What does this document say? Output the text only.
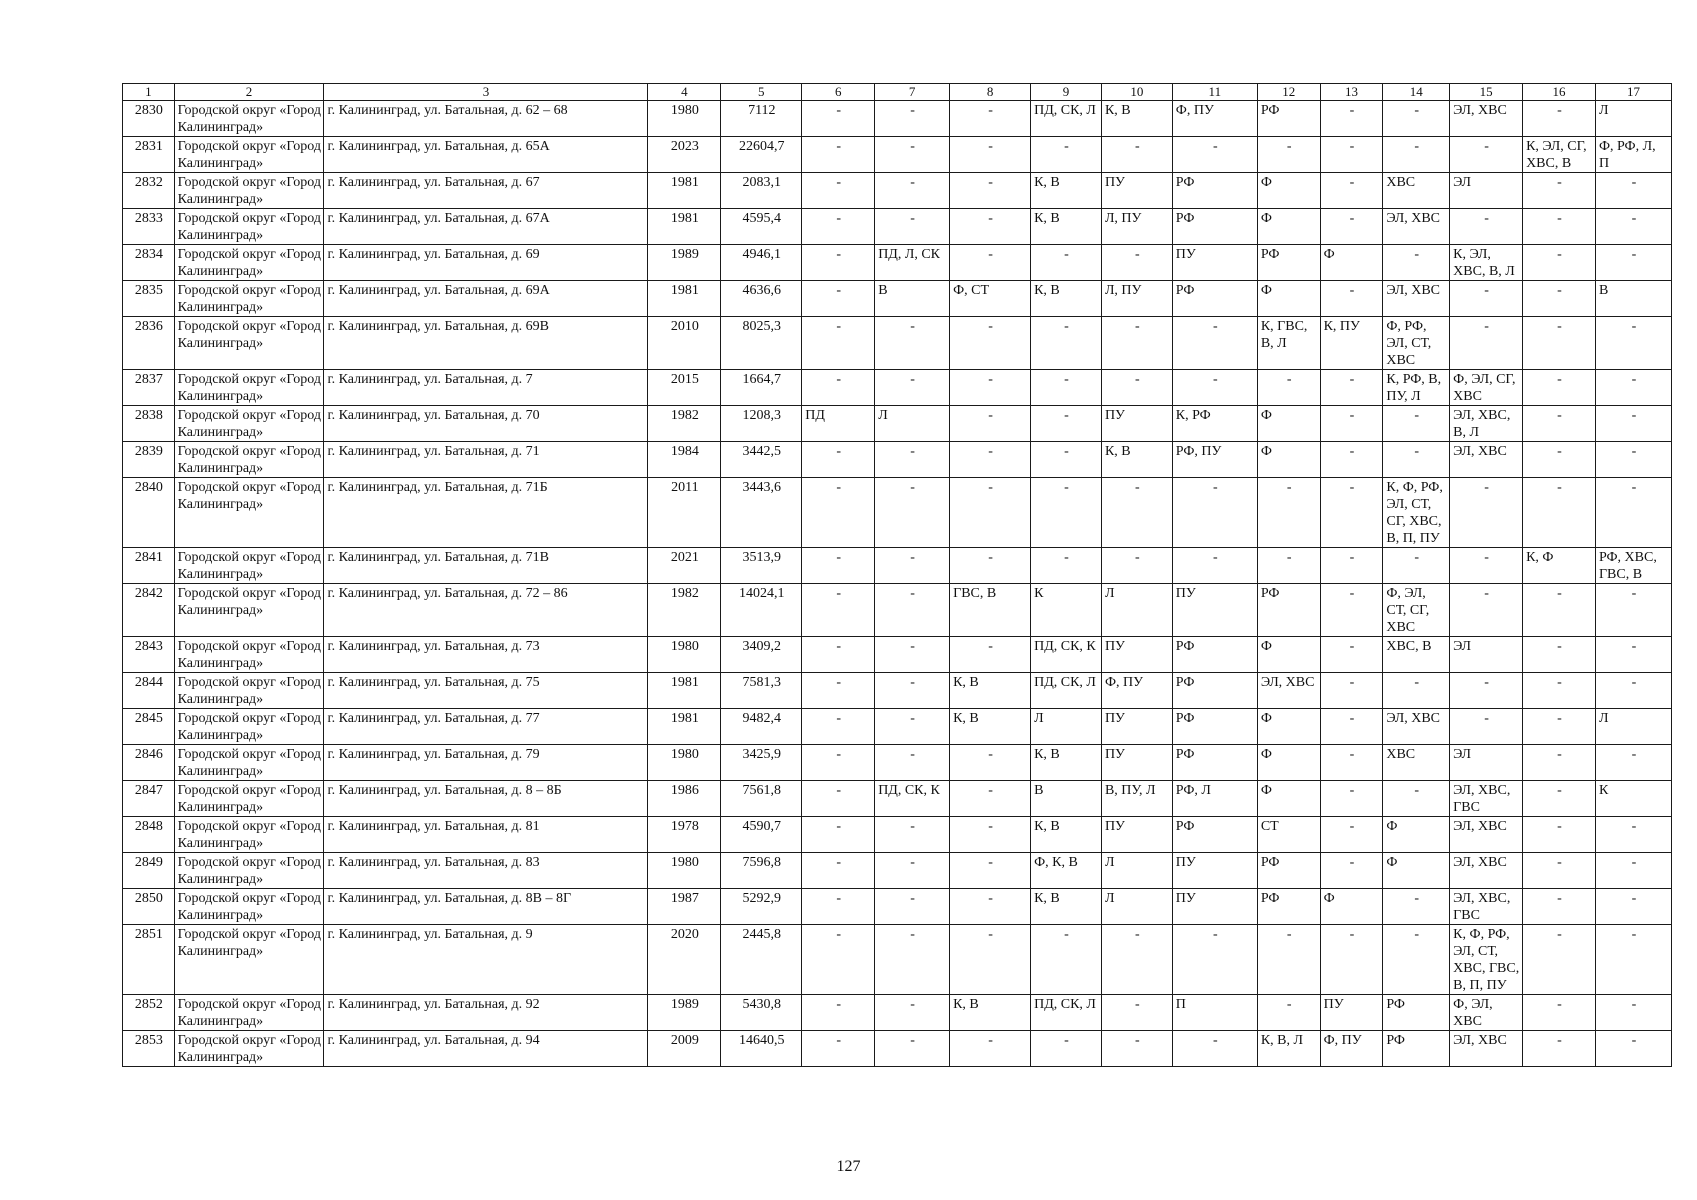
1	2	3	4	5	6	7	8	9	10	11	12	13	14	15	16	17
2830	Городской округ «Город Калининград»	г. Калининград, ул. Батальная, д. 62 – 68	1980	7112	-	-	-	ПД, СК, Л	К, В	Ф, ПУ	РФ	-	-	ЭЛ, ХВС	-	Л
2831	Городской округ «Город Калининград»	г. Калининград, ул. Батальная, д. 65А	2023	22604,7	-	-	-	-	-	-	-	-	-	-	К, ЭЛ, СГ, ХВС, В	Ф, РФ, Л, П
2832	Городской округ «Город Калининград»	г. Калининград, ул. Батальная, д. 67	1981	2083,1	-	-	-	К, В	ПУ	РФ	Ф	-	ХВС	ЭЛ	-	-
2833	Городской округ «Город Калининград»	г. Калининград, ул. Батальная, д. 67А	1981	4595,4	-	-	-	К, В	Л, ПУ	РФ	Ф	-	ЭЛ, ХВС	-	-	-
2834	Городской округ «Город Калининград»	г. Калининград, ул. Батальная, д. 69	1989	4946,1	-	ПД, Л, СК	-	-	-	ПУ	РФ	Ф	-	К, ЭЛ, ХВС, В, Л	-	-
2835	Городской округ «Город Калининград»	г. Калининград, ул. Батальная, д. 69А	1981	4636,6	-	В	Ф, СТ	К, В	Л, ПУ	РФ	Ф	-	ЭЛ, ХВС	-	-	В
2836	Городской округ «Город Калининград»	г. Калининград, ул. Батальная, д. 69В	2010	8025,3	-	-	-	-	-	-	К, ГВС, В, Л	К, ПУ	Ф, РФ, ЭЛ, СТ, ХВС	-	-	-
2837	Городской округ «Город Калининград»	г. Калининград, ул. Батальная, д. 7	2015	1664,7	-	-	-	-	-	-	-	-	К, РФ, В, ПУ, Л	Ф, ЭЛ, СГ, ХВС	-	-
2838	Городской округ «Город Калининград»	г. Калининград, ул. Батальная, д. 70	1982	1208,3	ПД	Л	-	-	ПУ	К, РФ	Ф	-	-	ЭЛ, ХВС, В, Л	-	-
2839	Городской округ «Город Калининград»	г. Калининград, ул. Батальная, д. 71	1984	3442,5	-	-	-	-	К, В	РФ, ПУ	Ф	-	-	ЭЛ, ХВС	-	-
2840	Городской округ «Город Калининград»	г. Калининград, ул. Батальная, д. 71Б	2011	3443,6	-	-	-	-	-	-	-	-	К, Ф, РФ, ЭЛ, СТ, СГ, ХВС, В, П, ПУ	-	-	-
2841	Городской округ «Город Калининград»	г. Калининград, ул. Батальная, д. 71В	2021	3513,9	-	-	-	-	-	-	-	-	-	-	К, Ф	РФ, ХВС, ГВС, В
2842	Городской округ «Город Калининград»	г. Калининград, ул. Батальная, д. 72 – 86	1982	14024,1	-	-	ГВС, В	К	Л	ПУ	РФ	-	Ф, ЭЛ, СТ, СГ, ХВС	-	-	-
2843	Городской округ «Город Калининград»	г. Калининград, ул. Батальная, д. 73	1980	3409,2	-	-	-	ПД, СК, К	ПУ	РФ	Ф	-	ХВС, В	ЭЛ	-	-
2844	Городской округ «Город Калининград»	г. Калининград, ул. Батальная, д. 75	1981	7581,3	-	-	К, В	ПД, СК, Л	Ф, ПУ	РФ	ЭЛ, ХВС	-	-	-	-	-
2845	Городской округ «Город Калининград»	г. Калининград, ул. Батальная, д. 77	1981	9482,4	-	-	К, В	Л	ПУ	РФ	Ф	-	ЭЛ, ХВС	-	-	Л
2846	Городской округ «Город Калининград»	г. Калининград, ул. Батальная, д. 79	1980	3425,9	-	-	-	К, В	ПУ	РФ	Ф	-	ХВС	ЭЛ	-	-
2847	Городской округ «Город Калининград»	г. Калининград, ул. Батальная, д. 8 – 8Б	1986	7561,8	-	ПД, СК, К	-	В	В, ПУ, Л	РФ, Л	Ф	-	-	ЭЛ, ХВС, ГВС	-	К
2848	Городской округ «Город Калининград»	г. Калининград, ул. Батальная, д. 81	1978	4590,7	-	-	-	К, В	ПУ	РФ	СТ	-	Ф	ЭЛ, ХВС	-	-
2849	Городской округ «Город Калининград»	г. Калининград, ул. Батальная, д. 83	1980	7596,8	-	-	-	Ф, К, В	Л	ПУ	РФ	-	Ф	ЭЛ, ХВС	-	-
2850	Городской округ «Город Калининград»	г. Калининград, ул. Батальная, д. 8В – 8Г	1987	5292,9	-	-	-	К, В	Л	ПУ	РФ	Ф	-	ЭЛ, ХВС, ГВС	-	-
2851	Городской округ «Город Калининград»	г. Калининград, ул. Батальная, д. 9	2020	2445,8	-	-	-	-	-	-	-	-	-	К, Ф, РФ, ЭЛ, СТ, ХВС, ГВС, В, П, ПУ	-	-
2852	Городской округ «Город Калининград»	г. Калининград, ул. Батальная, д. 92	1989	5430,8	-	-	К, В	ПД, СК, Л	-	П	-	ПУ	РФ	Ф, ЭЛ, ХВС	-	-
2853	Городской округ «Город Калининград»	г. Калининград, ул. Батальная, д. 94	2009	14640,5	-	-	-	-	-	-	К, В, Л	Ф, ПУ	РФ	ЭЛ, ХВС	-	-
127
